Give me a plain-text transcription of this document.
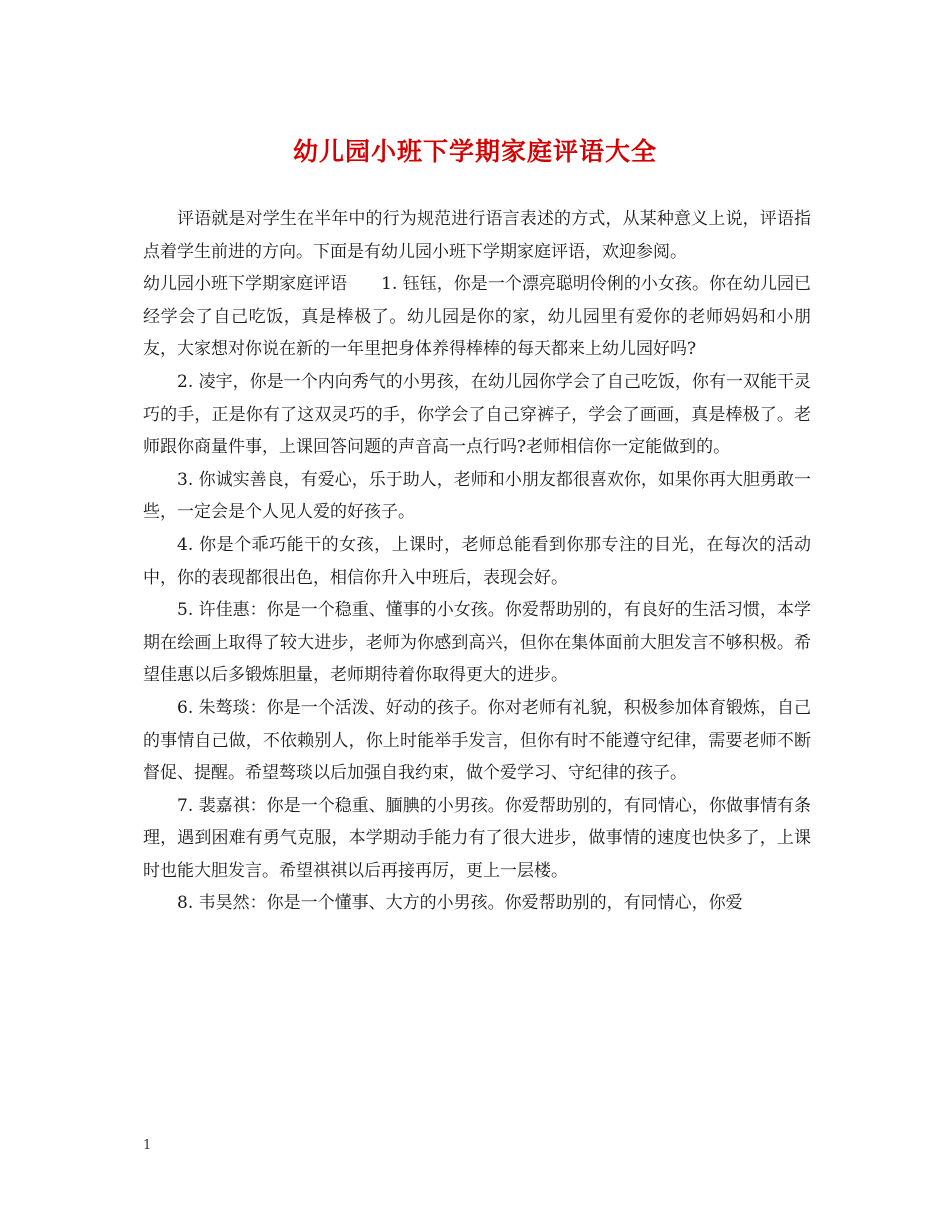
幼儿园小班下学期家庭评语大全

评语就是对学生在半年中的行为规范进行语言表述的方式，从某种意义上说，评语指点着学生前进的方向。下面是有幼儿园小班下学期家庭评语，欢迎参阅。

幼儿园小班下学期家庭评语　　1. 钰钰，你是一个漂亮聪明伶俐的小女孩。你在幼儿园已经学会了自己吃饭，真是棒极了。幼儿园是你的家，幼儿园里有爱你的老师妈妈和小朋友，大家想对你说在新的一年里把身体养得棒棒的每天都来上幼儿园好吗?

2. 凌宇，你是一个内向秀气的小男孩，在幼儿园你学会了自己吃饭，你有一双能干灵巧的手，正是你有了这双灵巧的手，你学会了自己穿裤子，学会了画画，真是棒极了。老师跟你商量件事，上课回答问题的声音高一点行吗?老师相信你一定能做到的。

3. 你诚实善良，有爱心，乐于助人，老师和小朋友都很喜欢你，如果你再大胆勇敢一些，一定会是个人见人爱的好孩子。

4. 你是个乖巧能干的女孩，上课时，老师总能看到你那专注的目光，在每次的活动中，你的表现都很出色，相信你升入中班后，表现会好。

5. 许佳惠：你是一个稳重、懂事的小女孩。你爱帮助别的，有良好的生活习惯，本学期在绘画上取得了较大进步，老师为你感到高兴，但你在集体面前大胆发言不够积极。希望佳惠以后多锻炼胆量，老师期待着你取得更大的进步。

6. 朱骜琰：你是一个活泼、好动的孩子。你对老师有礼貌，积极参加体育锻炼，自己的事情自己做，不依赖别人，你上时能举手发言，但你有时不能遵守纪律，需要老师不断督促、提醒。希望骜琰以后加强自我约束，做个爱学习、守纪律的孩子。

7. 裴嘉祺：你是一个稳重、腼腆的小男孩。你爱帮助别的，有同情心，你做事情有条理，遇到困难有勇气克服，本学期动手能力有了很大进步，做事情的速度也快多了，上课时也能大胆发言。希望祺祺以后再接再厉，更上一层楼。

8. 韦昊然：你是一个懂事、大方的小男孩。你爱帮助别的，有同情心，你爱

1
